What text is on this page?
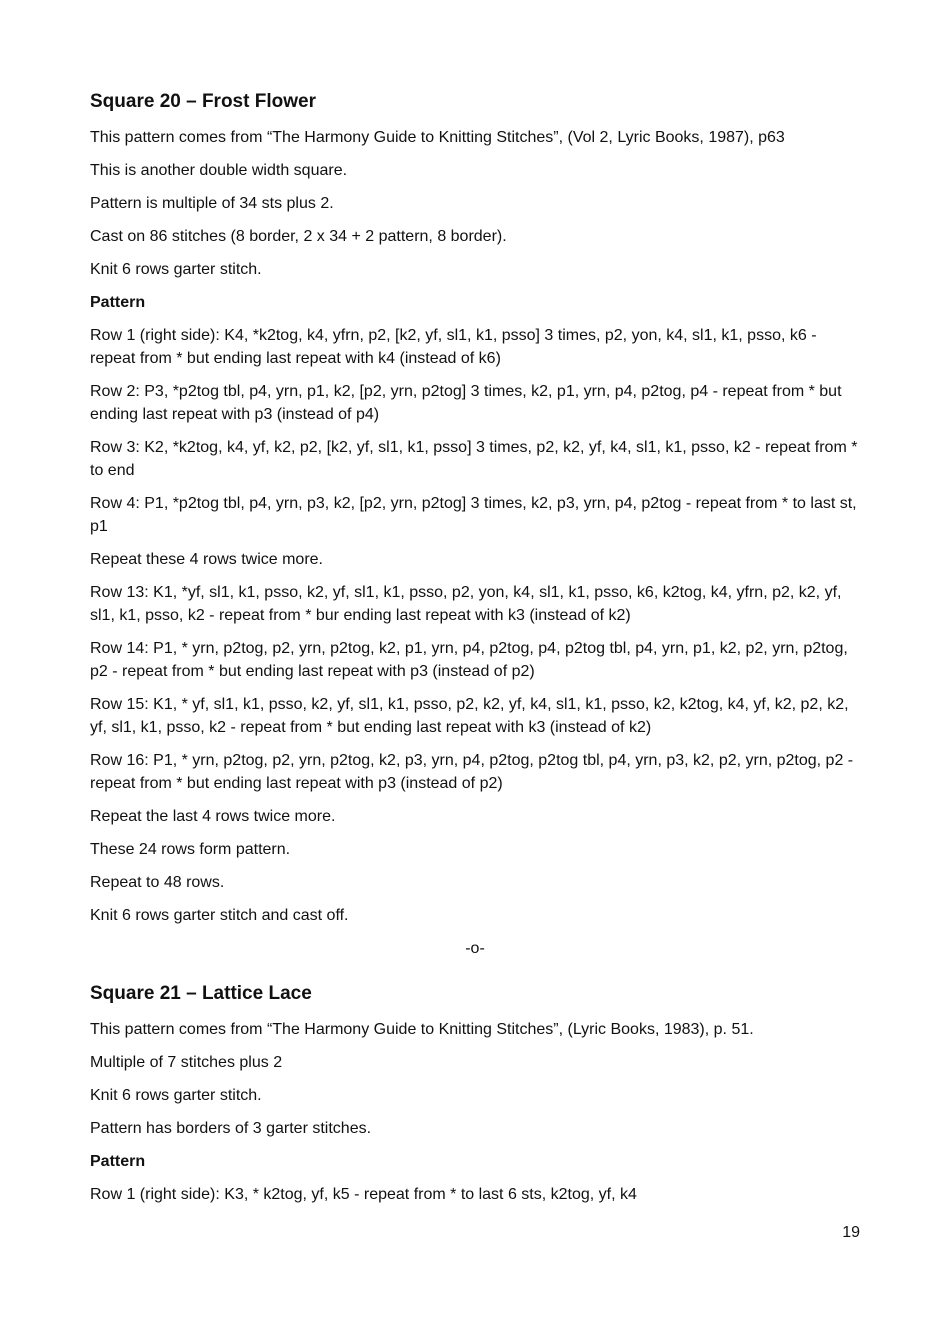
Square 20 – Frost Flower
This pattern comes from “The Harmony Guide to Knitting Stitches”, (Vol 2, Lyric Books, 1987), p63
This is another double width square.
Pattern is multiple of 34 sts plus 2.
Cast on 86 stitches (8 border, 2 x 34 + 2 pattern, 8 border).
Knit 6 rows garter stitch.
Pattern
Row 1 (right side): K4, *k2tog, k4, yfrn, p2, [k2, yf, sl1, k1, psso] 3 times, p2, yon, k4, sl1, k1, psso, k6 - repeat from * but ending last repeat with k4 (instead of k6)
Row 2: P3, *p2tog tbl, p4, yrn, p1, k2, [p2, yrn, p2tog] 3 times, k2, p1, yrn, p4, p2tog, p4 - repeat from * but ending last repeat with p3 (instead of p4)
Row 3: K2, *k2tog, k4, yf, k2, p2, [k2, yf, sl1, k1, psso] 3 times, p2, k2, yf, k4, sl1, k1, psso, k2 - repeat from * to end
Row 4: P1, *p2tog tbl, p4, yrn, p3, k2, [p2, yrn, p2tog] 3 times, k2, p3, yrn, p4, p2tog - repeat from * to last st, p1
Repeat these 4 rows twice more.
Row 13: K1, *yf, sl1, k1, psso, k2, yf, sl1, k1, psso, p2, yon, k4, sl1, k1, psso, k6, k2tog, k4, yfrn, p2, k2, yf, sl1, k1, psso, k2 - repeat from * bur ending last repeat with k3 (instead of k2)
Row 14: P1, * yrn, p2tog, p2, yrn, p2tog, k2, p1, yrn, p4, p2tog, p4, p2tog tbl, p4, yrn, p1, k2, p2, yrn, p2tog, p2 - repeat from * but ending last repeat with p3 (instead of p2)
Row 15: K1, * yf, sl1, k1, psso, k2, yf, sl1, k1, psso, p2, k2, yf, k4, sl1, k1, psso, k2, k2tog, k4, yf, k2, p2, k2, yf, sl1, k1, psso, k2 - repeat from * but ending last repeat with k3 (instead of k2)
Row 16: P1, * yrn, p2tog, p2, yrn, p2tog, k2, p3, yrn, p4, p2tog, p2tog tbl, p4, yrn, p3, k2, p2, yrn, p2tog, p2 - repeat from * but ending last repeat with p3 (instead of p2)
Repeat the last 4 rows twice more.
These 24 rows form pattern.
Repeat to 48 rows.
Knit 6 rows garter stitch and cast off.
-o-
Square 21 – Lattice Lace
This pattern comes from “The Harmony Guide to Knitting Stitches”, (Lyric Books, 1983), p. 51.
Multiple of 7 stitches plus 2
Knit 6 rows garter stitch.
Pattern has borders of 3 garter stitches.
Pattern
Row 1 (right side): K3, * k2tog, yf, k5 - repeat from * to last 6 sts, k2tog, yf, k4
19
